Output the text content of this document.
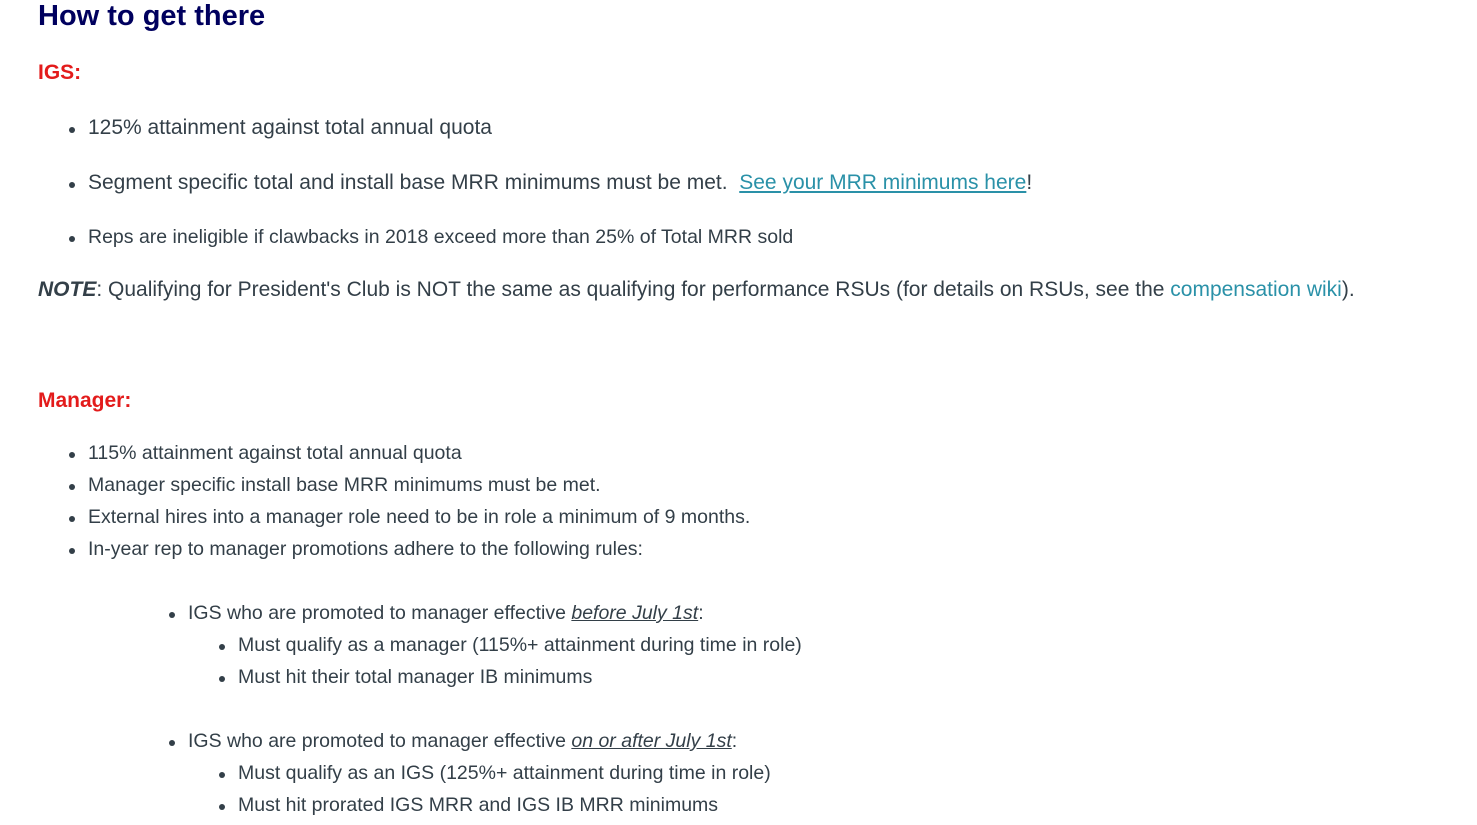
How to get there
IGS:
125% attainment against total annual quota
Segment specific total and install base MRR minimums must be met. See your MRR minimums here!
Reps are ineligible if clawbacks in 2018 exceed more than 25% of Total MRR sold
NOTE: Qualifying for President's Club is NOT the same as qualifying for performance RSUs (for details on RSUs, see the compensation wiki).
Manager:
115% attainment against total annual quota
Manager specific install base MRR minimums must be met.
External hires into a manager role need to be in role a minimum of 9 months.
In-year rep to manager promotions adhere to the following rules:
IGS who are promoted to manager effective before July 1st:
Must qualify as a manager (115%+ attainment during time in role)
Must hit their total manager IB minimums
IGS who are promoted to manager effective on or after July 1st:
Must qualify as an IGS (125%+ attainment during time in role)
Must hit prorated IGS MRR and IGS IB MRR minimums
